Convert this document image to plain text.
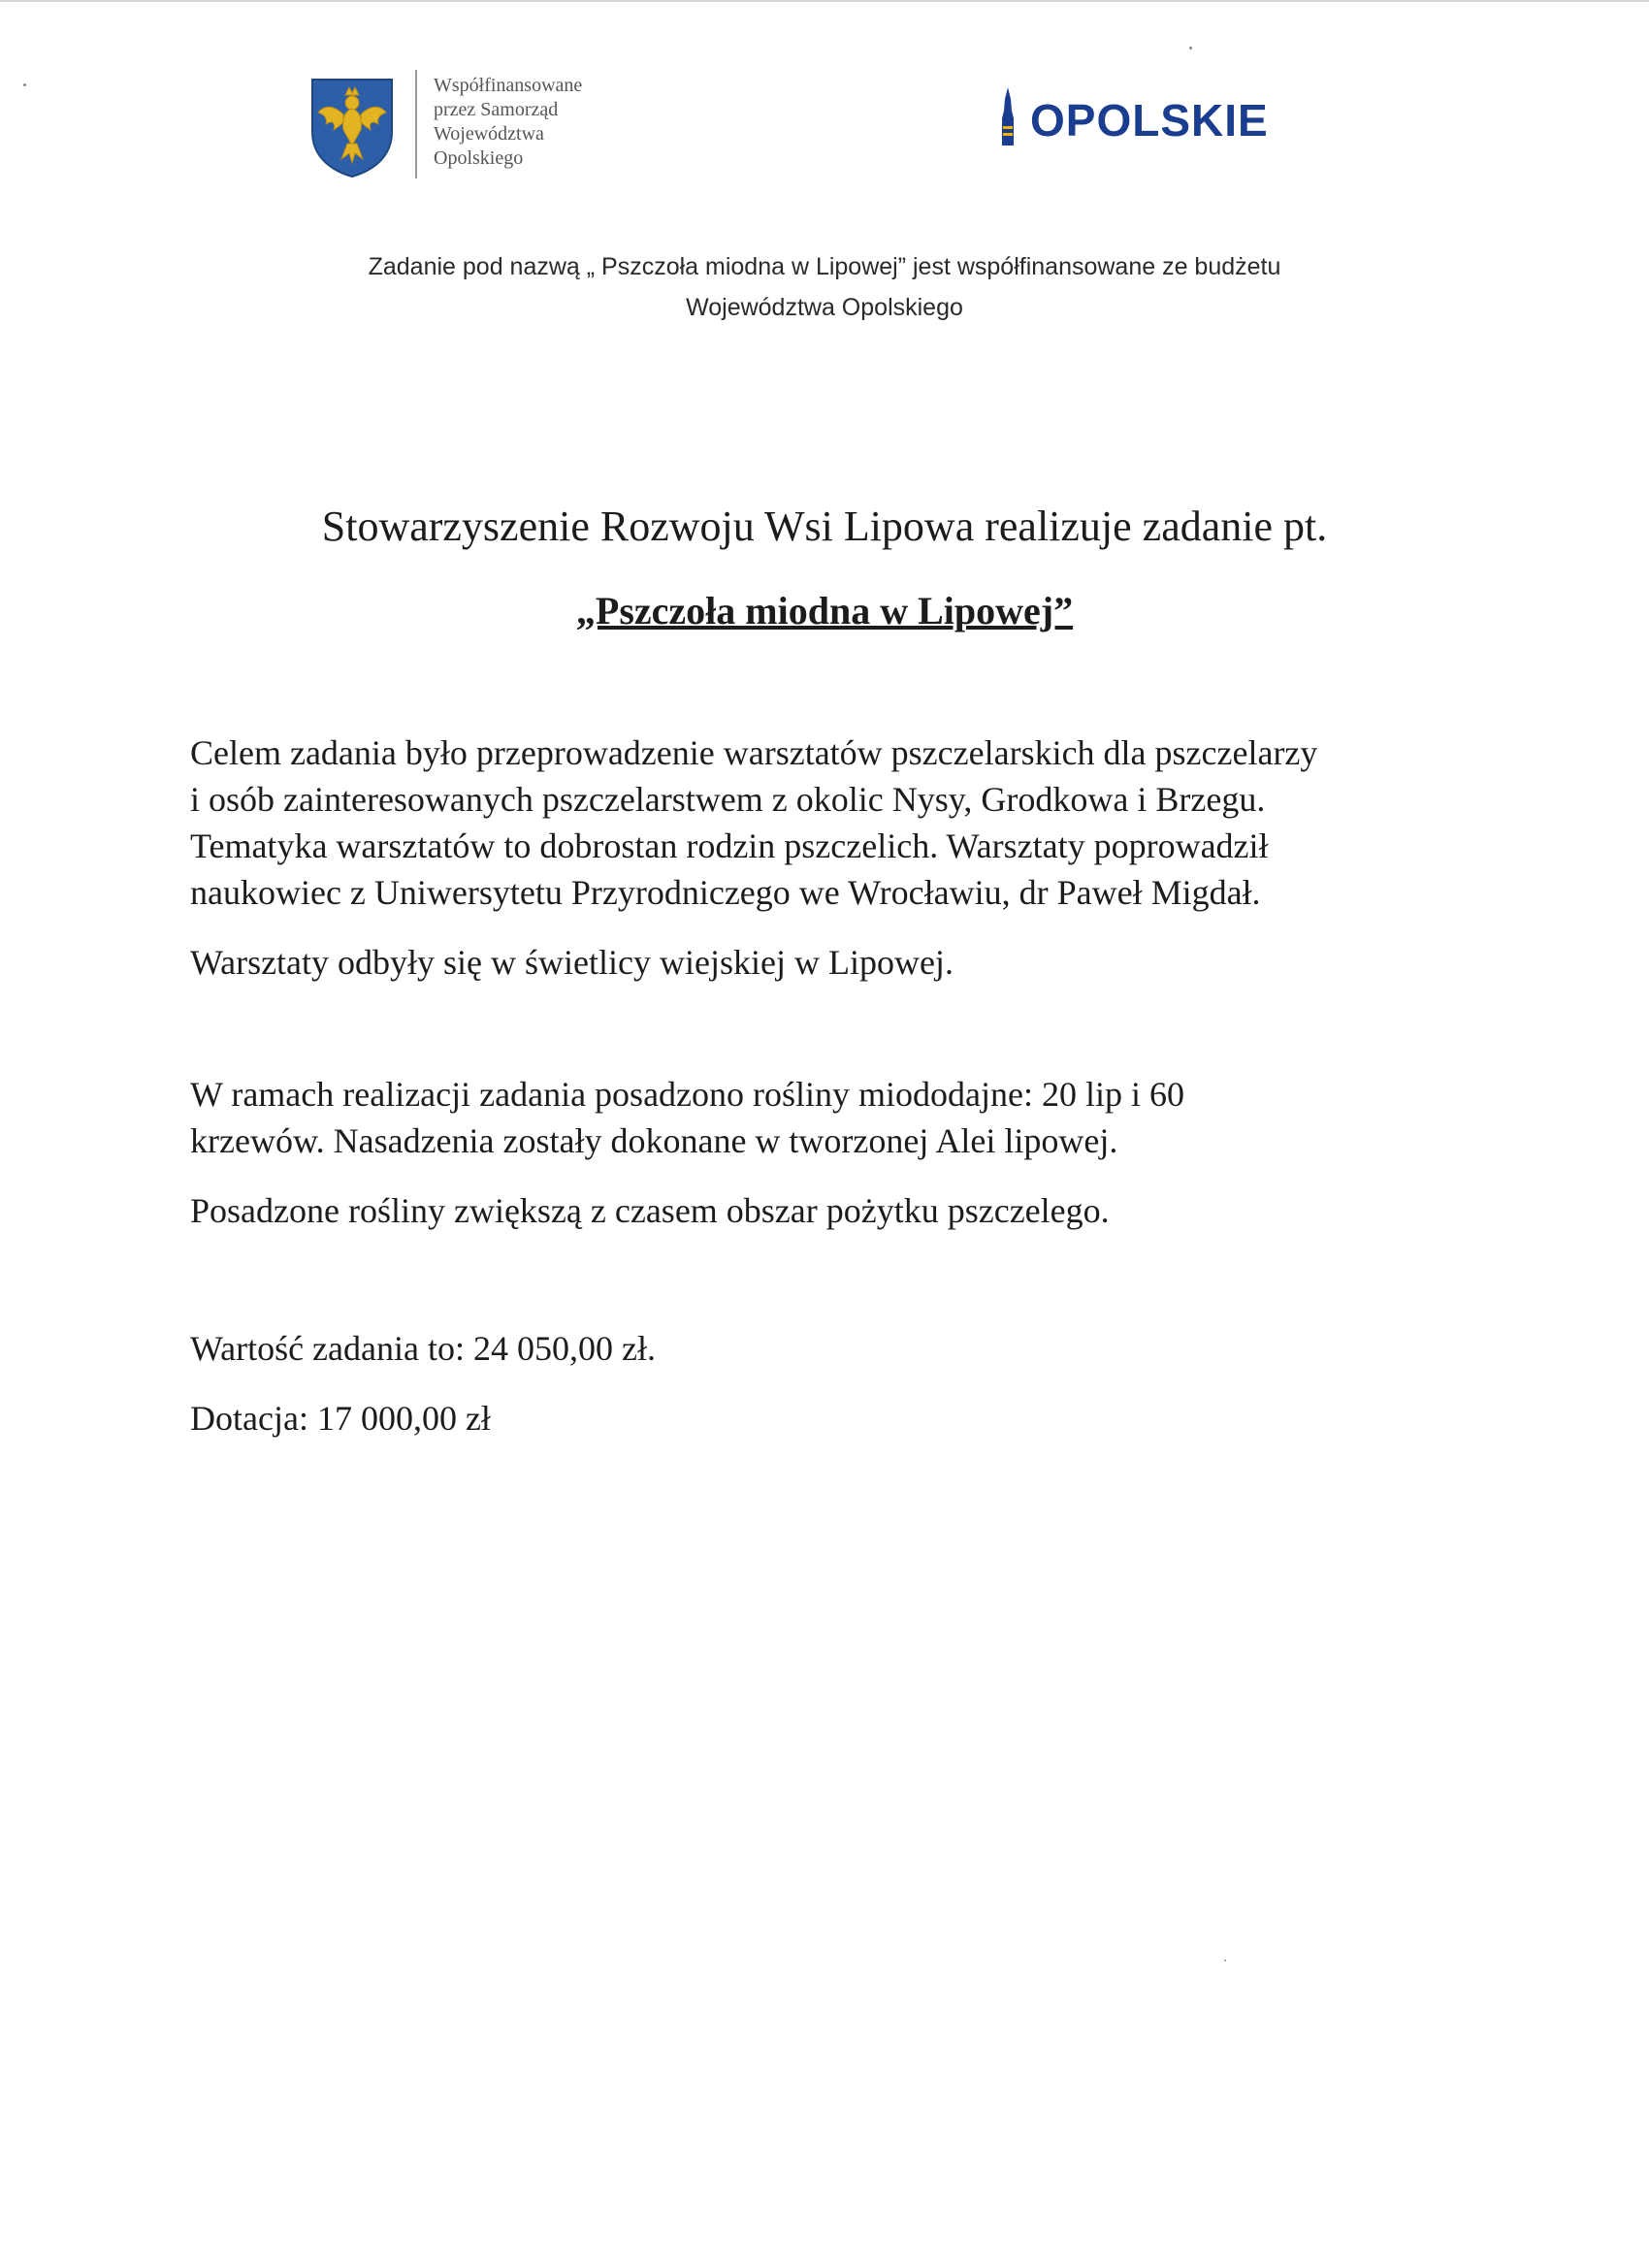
Współfinansowane
przez Samorząd
Województwa
Opolskiego
OPOLSKIE
Zadanie pod nazwą „ Pszczoła miodna w Lipowej” jest współfinansowane ze budżetu
Województwa Opolskiego
Stowarzyszenie Rozwoju Wsi Lipowa realizuje zadanie pt.
„Pszczoła miodna w Lipowej”
Celem zadania było przeprowadzenie warsztatów pszczelarskich dla pszczelarzy
i osób zainteresowanych pszczelarstwem z okolic Nysy, Grodkowa i Brzegu.
Tematyka warsztatów to dobrostan rodzin pszczelich. Warsztaty poprowadził
naukowiec z Uniwersytetu Przyrodniczego we Wrocławiu, dr Paweł Migdał.
Warsztaty odbyły się w świetlicy wiejskiej w Lipowej.
W ramach realizacji zadania posadzono rośliny miododajne: 20 lip i 60
krzewów. Nasadzenia zostały dokonane w tworzonej Alei lipowej.
Posadzone rośliny zwiększą z czasem obszar pożytku pszczelego.
Wartość zadania to: 24 050,00 zł.
Dotacja: 17 000,00 zł
